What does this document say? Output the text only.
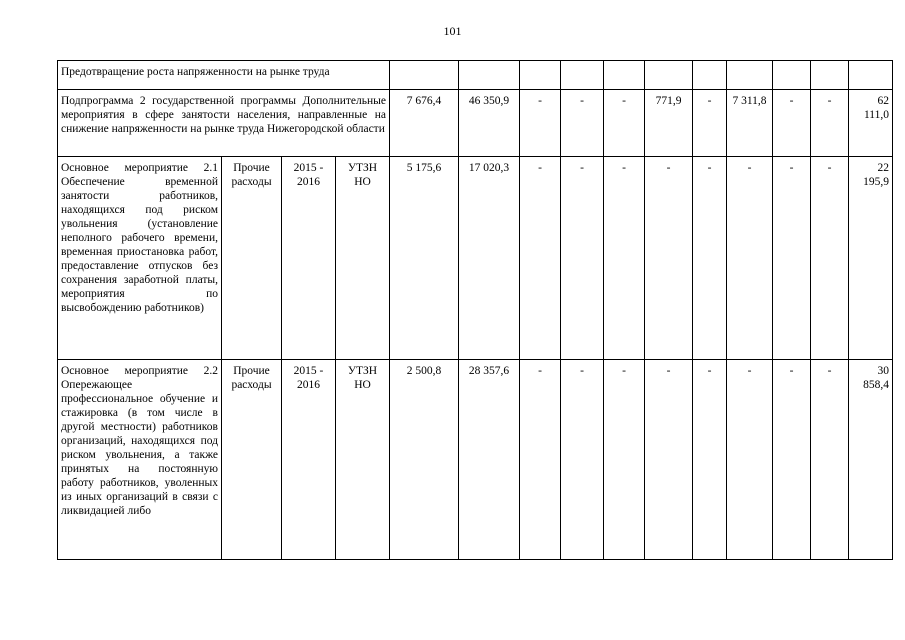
101
Предотвращение роста напряженности на рынке труда														
Подпрограмма 2 государственной программы Дополнительные мероприятия в сфере занятости населения, направленные на снижение напряженности на рынке труда Нижегородской области				7 676,4	46 350,9	-	-	-	771,9	-	7 311,8	-	-	62 111,0
Основное мероприятие 2.1 Обеспечение временной занятости работников, находящихся под риском увольнения (установление неполного рабочего времени, временная приостановка работ, предоставление отпусков без сохранения заработной платы, мероприятия по высвобождению работников)	Прочие расходы	2015 - 2016	УТЗН НО	5 175,6	17 020,3	-	-	-	-	-	-	-	-	22 195,9
Основное мероприятие 2.2 Опережающее профессиональное обучение и стажировка (в том числе в другой местности) работников организаций, находящихся под риском увольнения, а также принятых на постоянную работу работников, уволенных из иных организаций в связи с ликвидацией либо	Прочие расходы	2015 - 2016	УТЗН НО	2 500,8	28 357,6	-	-	-	-	-	-	-	-	30 858,4
